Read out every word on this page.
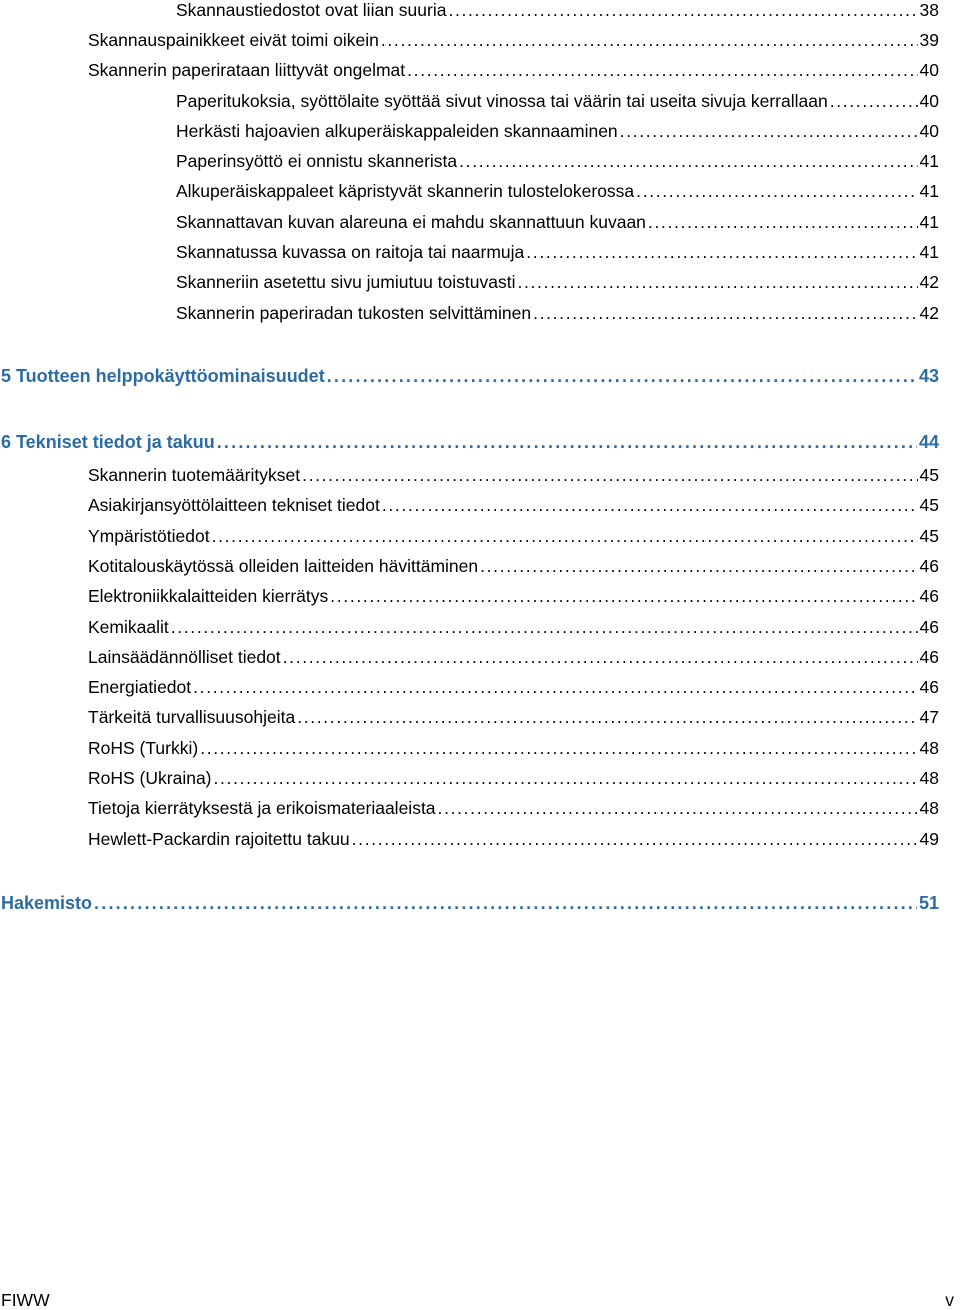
Skannaustiedostot ovat liian suuria . . .	38
Skannauspainikkeet eivät toimi oikein . . .	39
Skannerin paperirataan liittyvät ongelmat . . .	40
Paperitukoksia, syöttölaite syöttää sivut vinossa tai väärin tai useita sivuja kerrallaan . . .	40
Herkästi hajoavien alkuperäiskappaleiden skannaaminen . . .	40
Paperinsyöttö ei onnistu skannerista . . .	41
Alkuperäiskappaleet käpristyvät skannerin tulostelokerossa . . .	41
Skannattavan kuvan alareuna ei mahdu skannattuun kuvaan . . .	41
Skannatussa kuvassa on raitoja tai naarmuja . . .	41
Skanneriin asetettu sivu jumiutuu toistuvasti . . .	42
Skannerin paperiradan tukosten selvittäminen . . .	42
5 Tuotteen helppokäyttöominaisuudet . . .	43
6 Tekniset tiedot ja takuu . . .	44
Skannerin tuotemääritykset . . .	45
Asiakirjansyöttölaitteen tekniset tiedot . . .	45
Ympäristötiedot . . .	45
Kotitalouskäytössä olleiden laitteiden hävittäminen . . .	46
Elektroniikkalaitteiden kierrätys . . .	46
Kemikaalit . . .	46
Lainsäädännölliset tiedot . . .	46
Energiatiedot . . .	46
Tärkeitä turvallisuusohjeita . . .	47
RoHS (Turkki) . . .	48
RoHS (Ukraina) . . .	48
Tietoja kierrätyksestä ja erikoismateriaaleista . . .	48
Hewlett-Packardin rajoitettu takuu . . .	49
Hakemisto . . .	51
FIWW	v
